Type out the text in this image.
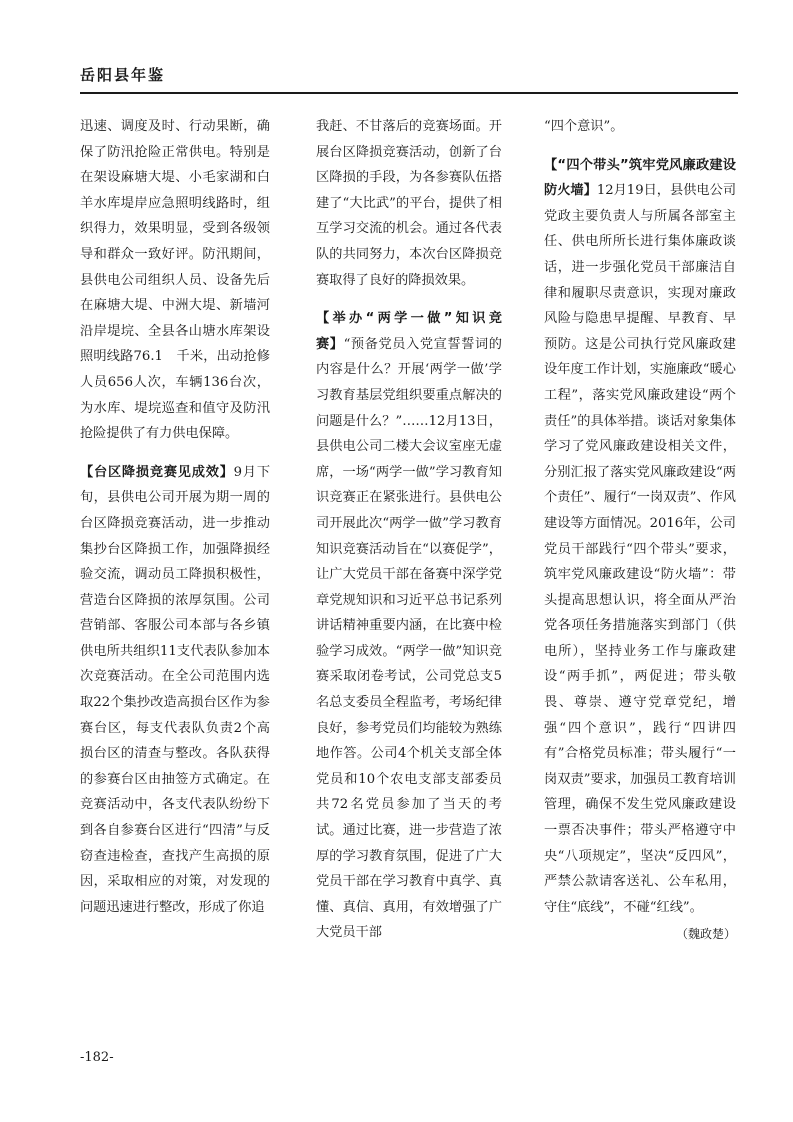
岳阳县年鉴

迅速、调度及时、行动果断，确保了防汛抢险正常供电。特别是在架设麻塘大堤、小毛家湖和白羊水库堤岸应急照明线路时，组织得力，效果明显，受到各级领导和群众一致好评。防汛期间，县供电公司组织人员、设备先后在麻塘大堤、中洲大堤、新墙河沿岸堤垸、全县各山塘水库架设照明线路76.1　千米，出动抢修人员656人次，车辆136台次，为水库、堤垸巡查和值守及防汛抢险提供了有力供电保障。

【台区降损竞赛见成效】9月下旬，县供电公司开展为期一周的台区降损竞赛活动，进一步推动集抄台区降损工作，加强降损经验交流，调动员工降损积极性，营造台区降损的浓厚氛围。公司营销部、客服公司本部与各乡镇供电所共组织11支代表队参加本次竞赛活动。在全公司范围内选取22个集抄改造高损台区作为参赛台区，每支代表队负责2个高损台区的清查与整改。各队获得的参赛台区由抽签方式确定。在竞赛活动中，各支代表队纷纷下到各自参赛台区进行“四清”与反窃查违检查，查找产生高损的原因，采取相应的对策，对发现的问题迅速进行整改，形成了你追

我赶、不甘落后的竞赛场面。开展台区降损竞赛活动，创新了台区降损的手段，为各参赛队伍搭建了“大比武”的平台，提供了相互学习交流的机会。通过各代表队的共同努力，本次台区降损竞赛取得了良好的降损效果。

【举办“两学一做”知识竞赛】“预备党员入党宣誓誓词的内容是什么？开展‘两学一做’学习教育基层党组织要重点解决的问题是什么？”……12月13日，县供电公司二楼大会议室座无虚席，一场“两学一做”学习教育知识竞赛正在紧张进行。县供电公司开展此次“两学一做”学习教育知识竞赛活动旨在“以赛促学”，让广大党员干部在备赛中深学党章党规知识和习近平总书记系列讲话精神重要内涵，在比赛中检验学习成效。“两学一做”知识竞赛采取闭卷考试，公司党总支5名总支委员全程监考，考场纪律良好，参考党员们均能较为熟练地作答。公司4个机关支部全体党员和10个农电支部支部委员共72名党员参加了当天的考试。通过比赛，进一步营造了浓厚的学习教育氛围，促进了广大党员干部在学习教育中真学、真懂、真信、真用，有效增强了广大党员干部

“四个意识”。

【“四个带头”筑牢党风廉政建设防火墙】12月19日，县供电公司党政主要负责人与所属各部室主任、供电所所长进行集体廉政谈话，进一步强化党员干部廉洁自律和履职尽责意识，实现对廉政风险与隐患早提醒、早教育、早预防。这是公司执行党风廉政建设年度工作计划，实施廉政“暖心工程”，落实党风廉政建设“两个责任”的具体举措。谈话对象集体学习了党风廉政建设相关文件，分别汇报了落实党风廉政建设“两个责任”、履行“一岗双责”、作风建设等方面情况。2016年，公司党员干部践行“四个带头”要求，筑牢党风廉政建设“防火墙”：带头提高思想认识，将全面从严治党各项任务措施落实到部门（供电所），坚持业务工作与廉政建设“两手抓”，两促进；带头敬畏、尊崇、遵守党章党纪，增强“四个意识”，践行“四讲四有”合格党员标准；带头履行“一岗双责”要求，加强员工教育培训管理，确保不发生党风廉政建设一票否决事件；带头严格遵守中央“八项规定”，坚决“反四风”，严禁公款请客送礼、公车私用，守住“底线”，不碰“红线”。

（魏政楚）
-182-
